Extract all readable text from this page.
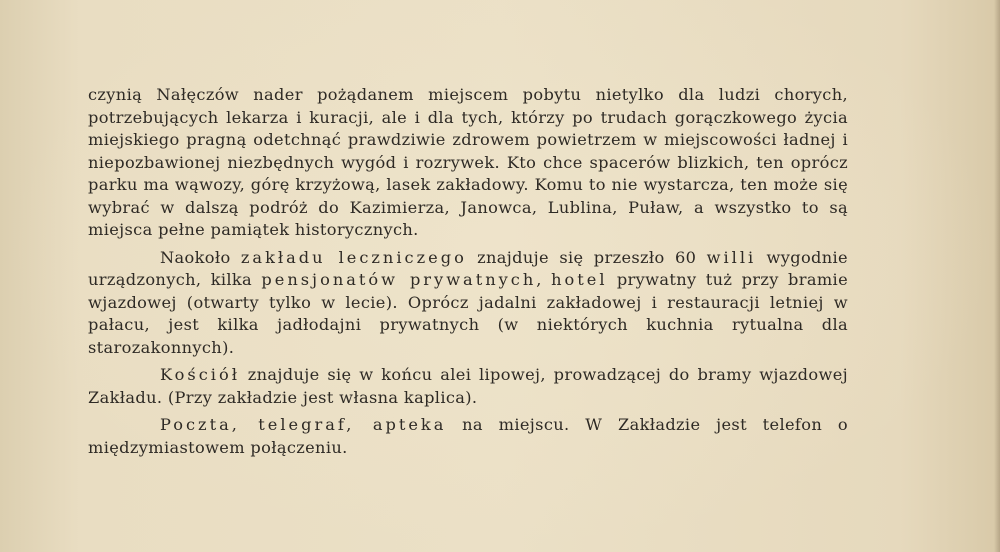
czynią Nałęczów nader pożądanem miejscem pobytu nietylko dla ludzi chorych, potrzebujących lekarza i kuracji, ale i dla tych, którzy po trudach gorączkowego życia miejskiego pragną odetchnąć prawdziwie zdrowem powietrzem w miejscowości ładnej i niepozbawionej niezbędnych wygód i rozrywek. Kto chce spacerów blizkich, ten oprócz parku ma wąwozy, górę krzyżową, lasek zakładowy. Komu to nie wystarcza, ten może się wybrać w dalszą podróż do Kazimierza, Janowca, Lublina, Puław, a wszystko to są miejsca pełne pamiątek historycznych.

Naokoło zakładu leczniczego znajduje się przeszło 60 willi wygodnie urządzonych, kilka pensjonatów prywatnych, hotel prywatny tuż przy bramie wjazdowej (otwarty tylko w lecie). Oprócz jadalni zakładowej i restauracji letniej w pałacu, jest kilka jadłodajni prywatnych (w niektórych kuchnia rytualna dla starozakonnych).

Kościół znajduje się w końcu alei lipowej, prowadzącej do bramy wjazdowej Zakładu. (Przy zakładzie jest własna kaplica).

Poczta, telegraf, apteka na miejscu. W Zakładzie jest telefon o międzymiastowem połączeniu.
